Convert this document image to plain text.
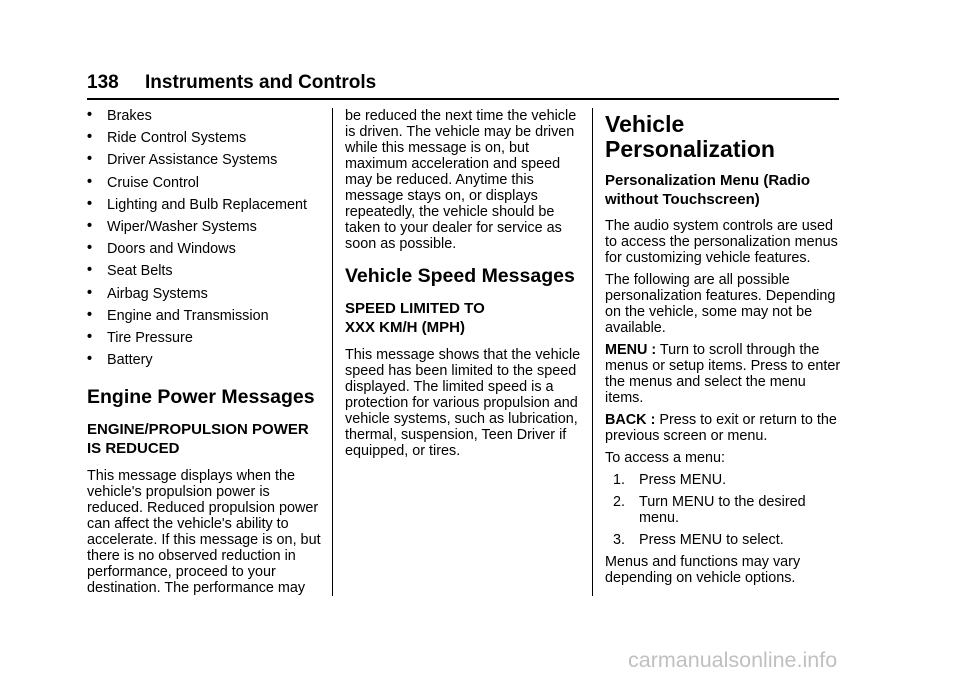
138 Instruments and Controls
• Brakes
• Ride Control Systems
• Driver Assistance Systems
• Cruise Control
• Lighting and Bulb Replacement
• Wiper/Washer Systems
• Doors and Windows
• Seat Belts
• Airbag Systems
• Engine and Transmission
• Tire Pressure
• Battery
Engine Power Messages
ENGINE/PROPULSION POWER IS REDUCED

This message displays when the vehicle's propulsion power is reduced. Reduced propulsion power can affect the vehicle's ability to accelerate. If this message is on, but there is no observed reduction in performance, proceed to your destination. The performance may

be reduced the next time the vehicle is driven. The vehicle may be driven while this message is on, but maximum acceleration and speed may be reduced. Anytime this message stays on, or displays repeatedly, the vehicle should be taken to your dealer for service as soon as possible.

Vehicle Speed Messages
SPEED LIMITED TO
XXX KM/H (MPH)

This message shows that the vehicle speed has been limited to the speed displayed. The limited speed is a protection for various propulsion and vehicle systems, such as lubrication, thermal, suspension, Teen Driver if equipped, or tires.

Vehicle Personalization
Personalization Menu (Radio without Touchscreen)

The audio system controls are used to access the personalization menus for customizing vehicle features.

The following are all possible personalization features. Depending on the vehicle, some may not be available.

MENU : Turn to scroll through the menus or setup items. Press to enter the menus and select the menu items.

BACK : Press to exit or return to the previous screen or menu.

To access a menu:

1. Press MENU.
2. Turn MENU to the desired menu.
3. Press MENU to select.

Menus and functions may vary depending on vehicle options.

carmanualsonline.info
